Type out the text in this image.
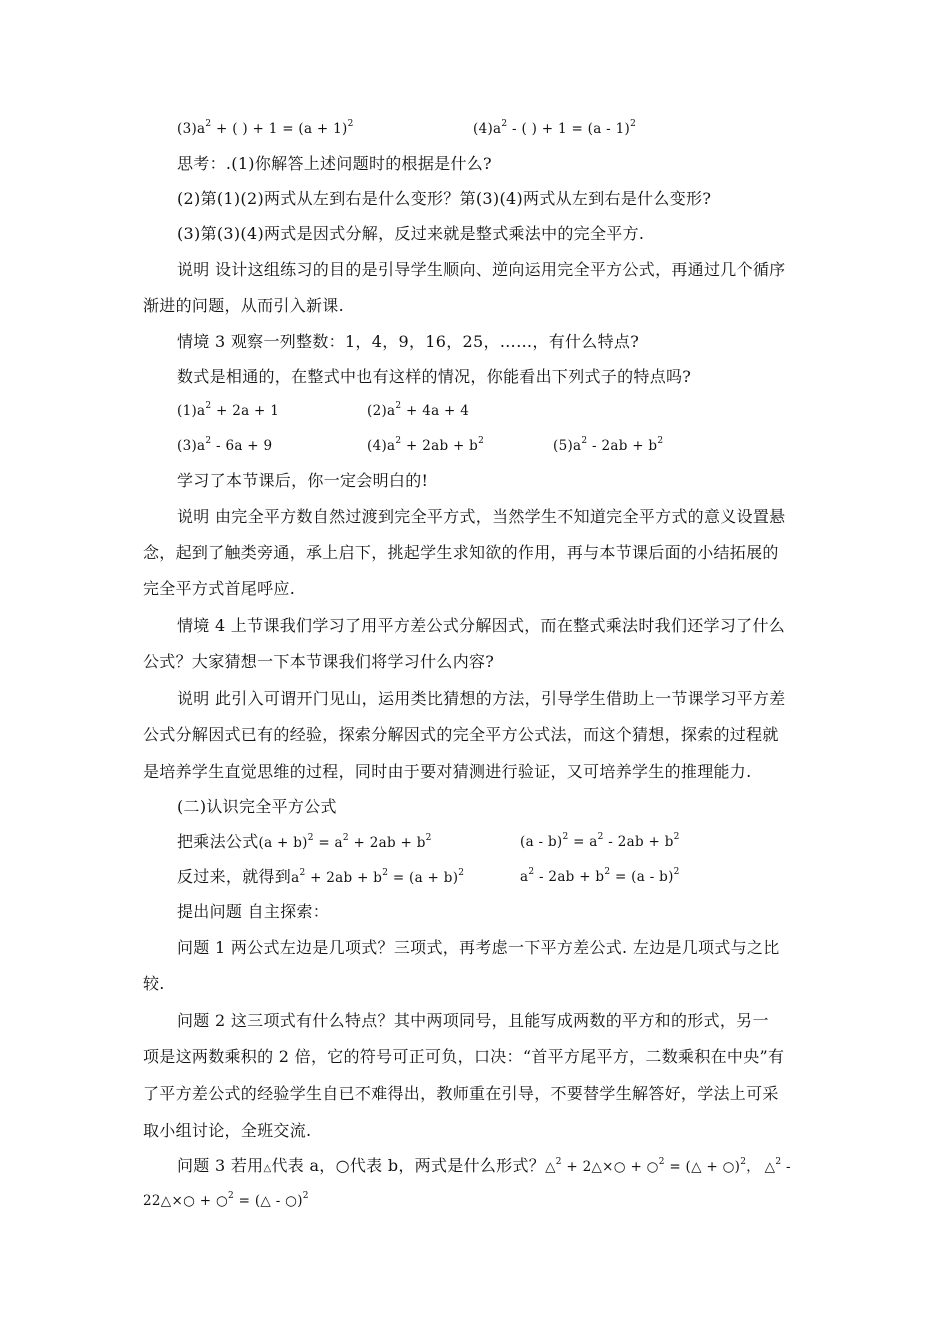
$(3)a^2$ + ( ) + $1 = (a + 1)^2$	$(4)a^2$ - ( ) + 1 = (a - 1)$^2$
思考：.(1)你解答上述问题时的根据是什么?
(2)第(1)(2)两式从左到右是什么变形？第(3)(4)两式从左到右是什么变形?
(3)第(3)(4)两式是因式分解，反过来就是整式乘法中的完全平方.
说明 设计这组练习的目的是引导学生顺向、逆向运用完全平方公式，再通过几个循序
渐进的问题，从而引入新课.
情境 3 观察一列整数：1，4，9，16，25，……，有什么特点?
数式是相通的，在整式中也有这样的情况，你能看出下列式子的特点吗?
$(1)a^2 + 2a + 1$	$(2)a^2 + 4a + 4$
$(3)a^2 - 6a + 9$	$(4)a^2 + 2ab + b^2$	$(5)a^2 - 2ab + b^2$
学习了本节课后，你一定会明白的!
说明 由完全平方数自然过渡到完全平方式，当然学生不知道完全平方式的意义设置悬
念，起到了触类旁通，承上启下，挑起学生求知欲的作用，再与本节课后面的小结拓展的
完全平方式首尾呼应.
情境 4 上节课我们学习了用平方差公式分解因式，而在整式乘法时我们还学习了什么
公式？大家猜想一下本节课我们将学习什么内容?
说明 此引入可谓开门见山，运用类比猜想的方法，引导学生借助上一节课学习平方差
公式分解因式已有的经验，探索分解因式的完全平方公式法，而这个猜想，探索的过程就
是培养学生直觉思维的过程，同时由于要对猜测进行验证，又可培养学生的推理能力.
(二)认识完全平方公式
把乘法公式$(a + b)^2 = a^2 + 2ab + b^2$	$(a - b)^2 = a^2 - 2ab + b^2$
反过来，就得到$a^2 + 2ab + b^2 = (a + b)^2$	$a^2 - 2ab + b^2 = (a - b)^2$
提出问题 自主探索：
问题 1 两公式左边是几项式？三项式，再考虑一下平方差公式. 左边是几项式与之比
较.
问题 2 这三项式有什么特点？其中两项同号，且能写成两数的平方和的形式，另一
项是这两数乘积的 2 倍，它的符号可正可负，口决：“首平方尾平方，二数乘积在中央”有
了平方差公式的经验学生自已不难得出，教师重在引导，不要替学生解答好，学法上可采
取小组讨论，全班交流.
问题 3 若用△代表 a，○代表 b，两式是什么形式？△$^2$ + 2△×○ + ○$^2$ = (△ + ○)$^2$， △$^2$ -
22△×○ + ○$^2$ = (△ - ○)$^2$
